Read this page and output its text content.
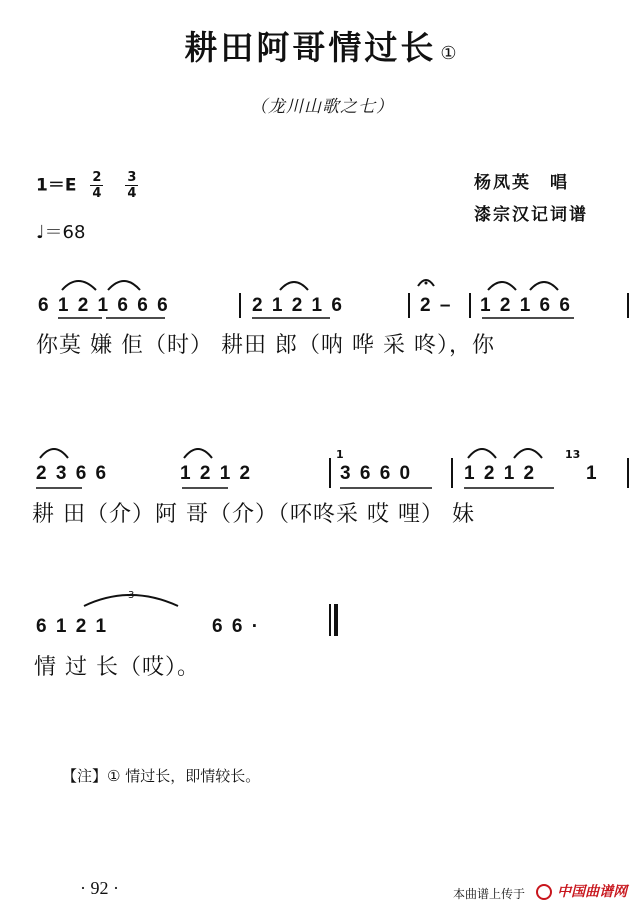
耕田阿哥情过长 ①
（龙川山歌之七）
$1=E \frac{2}{4}$
$\frac{3}{4}$
♩＝68
杨凤英　唱
漆宗汉记词谱
6 1 2 1 6 6 6	2 1 2 1 6	2 – 1 2 1 6 6
你莫 嫌 佢（时） 耕田 郎（呐 哗 采 咚），你
2 3 6 6	1 2 1 2	3 6 6 0	1 2 1 2	1
1	13
耕 田（介）阿 哥（介）（吥咚采 哎 哩） 妹
6 1 2 1	6 6 ·
3
情 过 长（哎）。
【注】① 情过长，即情较长。
· 92 ·	本曲谱上传于	中国曲谱网
